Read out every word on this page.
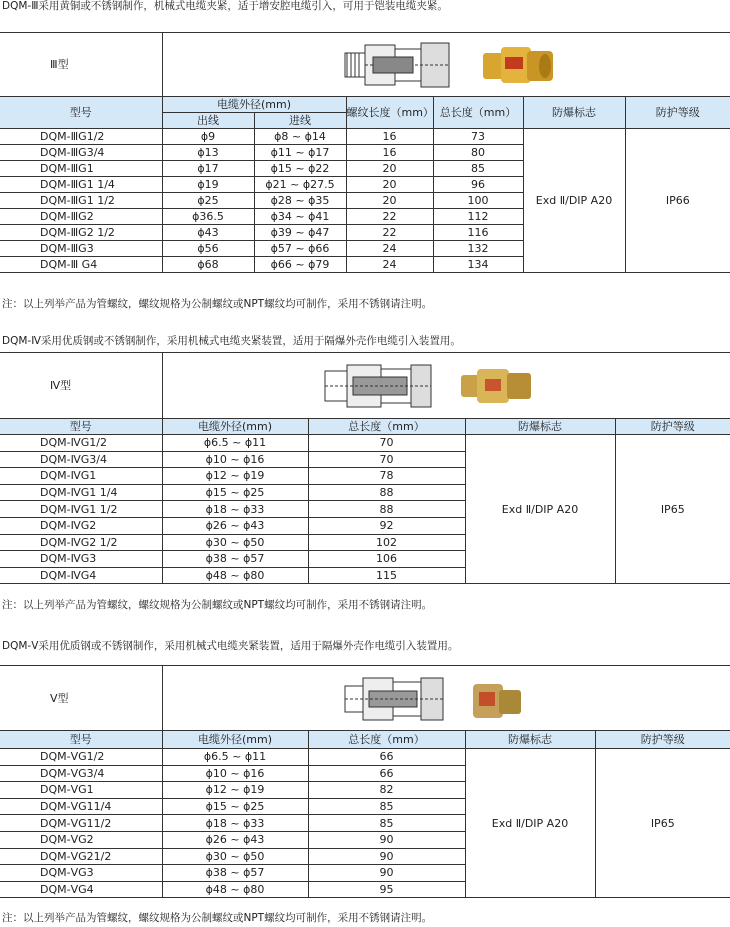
DQM-Ⅲ采用黄铜或不锈钢制作，机械式电缆夹紧，适于增安腔电缆引入，可用于铠装电缆夹紧。
Ⅲ型	

型号	电缆外径(mm)		螺纹长度（mm）	总长度（mm）	防爆标志	防护等级
	出线	进线				
DQM-ⅢG1/2	ϕ9	ϕ8 ~ ϕ14	16	73	Exd Ⅱ/DIP A20	IP66
DQM-ⅢG3/4	ϕ13	ϕ11 ~ ϕ17	16	80		
DQM-ⅢG1	ϕ17	ϕ15 ~ ϕ22	20	85		
DQM-ⅢG1 1/4	ϕ19	ϕ21 ~ ϕ27.5	20	96		
DQM-ⅢG1 1/2	ϕ25	ϕ28 ~ ϕ35	20	100		
DQM-ⅢG2	ϕ36.5	ϕ34 ~ ϕ41	22	112		
DQM-ⅢG2 1/2	ϕ43	ϕ39 ~ ϕ47	22	116		
DQM-ⅢG3	ϕ56	ϕ57 ~ ϕ66	24	132		
DQM-Ⅲ G4	ϕ68	ϕ66 ~ ϕ79	24	134		
注：以上列举产品为管螺纹，螺纹规格为公制螺纹或NPT螺纹均可制作，采用不锈钢请注明。
DQM-Ⅳ采用优质钢或不锈钢制作，采用机械式电缆夹紧装置，适用于隔爆外壳作电缆引入装置用。
Ⅳ型	

型号	电缆外径(mm)	总长度（mm）	防爆标志	防护等级
DQM-ⅣG1/2	ϕ6.5 ~ ϕ11	70	Exd Ⅱ/DIP A20	IP65
DQM-ⅣG3/4	ϕ10 ~ ϕ16	70		
DQM-ⅣG1	ϕ12 ~ ϕ19	78		
DQM-ⅣG1 1/4	ϕ15 ~ ϕ25	88		
DQM-ⅣG1 1/2	ϕ18 ~ ϕ33	88		
DQM-ⅣG2	ϕ26 ~ ϕ43	92		
DQM-ⅣG2 1/2	ϕ30 ~ ϕ50	102		
DQM-ⅣG3	ϕ38 ~ ϕ57	106		
DQM-ⅣG4	ϕ48 ~ ϕ80	115		
注：以上列举产品为管螺纹，螺纹规格为公制螺纹或NPT螺纹均可制作，采用不锈钢请注明。
DQM-Ⅴ采用优质钢或不锈钢制作，采用机械式电缆夹紧装置，适用于隔爆外壳作电缆引入装置用。
Ⅴ型	

型号	电缆外径(mm)	总长度（mm）	防爆标志	防护等级
DQM-ⅤG1/2	ϕ6.5 ~ ϕ11	66	Exd Ⅱ/DIP A20	IP65
DQM-ⅤG3/4	ϕ10 ~ ϕ16	66		
DQM-ⅤG1	ϕ12 ~ ϕ19	82		
DQM-ⅤG11/4	ϕ15 ~ ϕ25	85		
DQM-ⅤG11/2	ϕ18 ~ ϕ33	85		
DQM-ⅤG2	ϕ26 ~ ϕ43	90		
DQM-ⅤG21/2	ϕ30 ~ ϕ50	90		
DQM-ⅤG3	ϕ38 ~ ϕ57	90		
DQM-ⅤG4	ϕ48 ~ ϕ80	95		
注：以上列举产品为管螺纹，螺纹规格为公制螺纹或NPT螺纹均可制作，采用不锈钢请注明。
